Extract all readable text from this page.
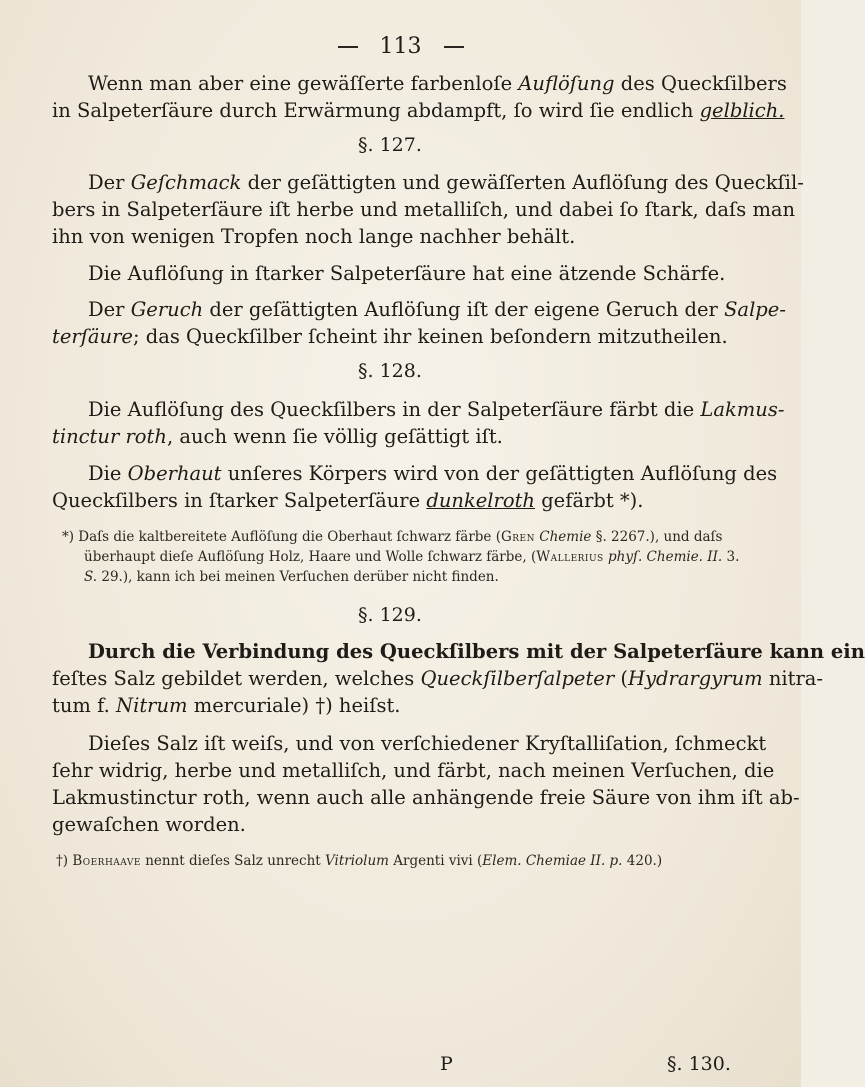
113
Wenn man aber eine gewäſſerte farbenloſe Auflöſung des Queckſilbers
in Salpeterſäure durch Erwärmung abdampft, ſo wird ſie endlich gelblich.
§. 127.
Der Geſchmack der geſättigten und gewäſſerten Auflöſung des Queckſil-
bers in Salpeterſäure iſt herbe und metalliſch, und dabei ſo ſtark, daſs man
ihn von wenigen Tropfen noch lange nachher behält.
Die Auflöſung in ſtarker Salpeterſäure hat eine ätzende Schärfe.
Der Geruch der geſättigten Auflöſung iſt der eigene Geruch der Salpe-
terſäure; das Queckſilber ſcheint ihr keinen beſondern mitzutheilen.
§. 128.
Die Auflöſung des Queckſilbers in der Salpeterſäure färbt die Lakmus-
tinctur roth, auch wenn ſie völlig geſättigt iſt.
Die Oberhaut unſeres Körpers wird von der geſättigten Auflöſung des
Queckſilbers in ſtarker Salpeterſäure dunkelroth gefärbt *).
*) Daſs die kaltbereitete Auflöſung die Oberhaut ſchwarz färbe (Gren Chemie §. 2267.), und daſs
überhaupt dieſe Auflöſung Holz, Haare und Wolle ſchwarz färbe, (Wallerius phyſ. Chemie. II. 3.
S. 29.), kann ich bei meinen Verſuchen derüber nicht finden.
§. 129.
Durch die Verbindung des Queckſilbers mit der Salpeterſäure kann ein
feſtes Salz gebildet werden, welches Queckſilberſalpeter (Hydrargyrum nitra-
tum f. Nitrum mercuriale) †) heiſst.
Dieſes Salz iſt weiſs, und von verſchiedener Kryſtalliſation, ſchmeckt
ſehr widrig, herbe und metalliſch, und färbt, nach meinen Verſuchen, die
Lakmustinctur roth, wenn auch alle anhängende freie Säure von ihm iſt ab-
gewaſchen worden.
†) Boerhaave nennt dieſes Salz unrecht Vitriolum Argenti vivi (Elem. Chemiae II. p. 420.)
P	§. 130.
